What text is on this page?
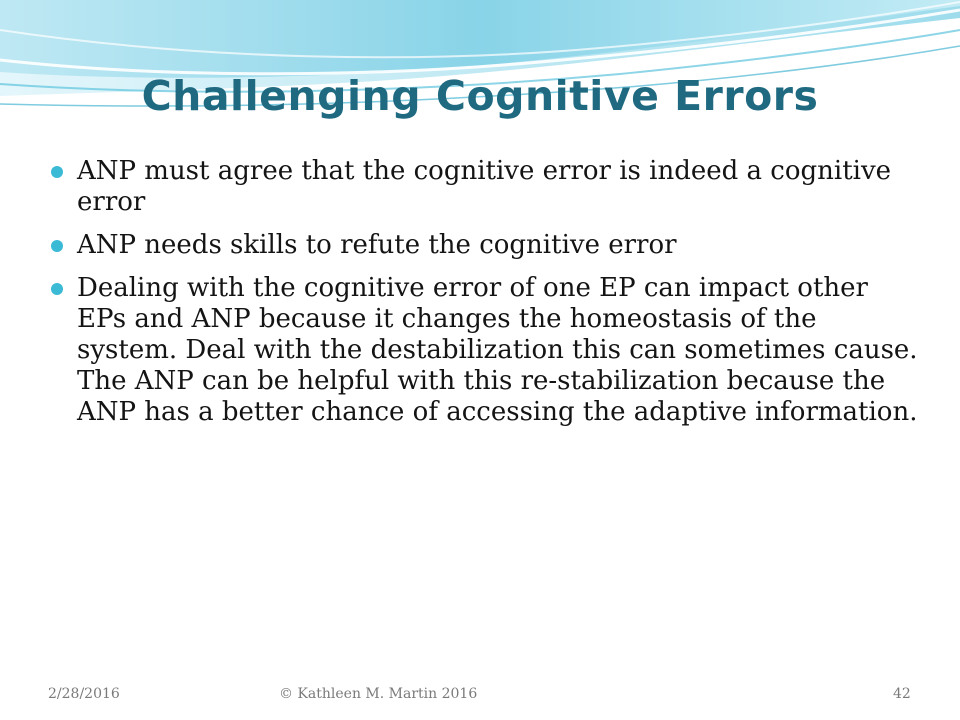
Challenging Cognitive Errors
ANP must agree that the cognitive error is indeed a cognitive error
ANP needs skills to refute the cognitive error
Dealing with the cognitive error of one EP can impact other EPs and ANP because it changes the homeostasis of the system. Deal with the destabilization this can sometimes cause. The ANP can be helpful with this re-stabilization because the ANP has a better chance of accessing the adaptive information.
2/28/2016	© Kathleen M. Martin 2016	42
